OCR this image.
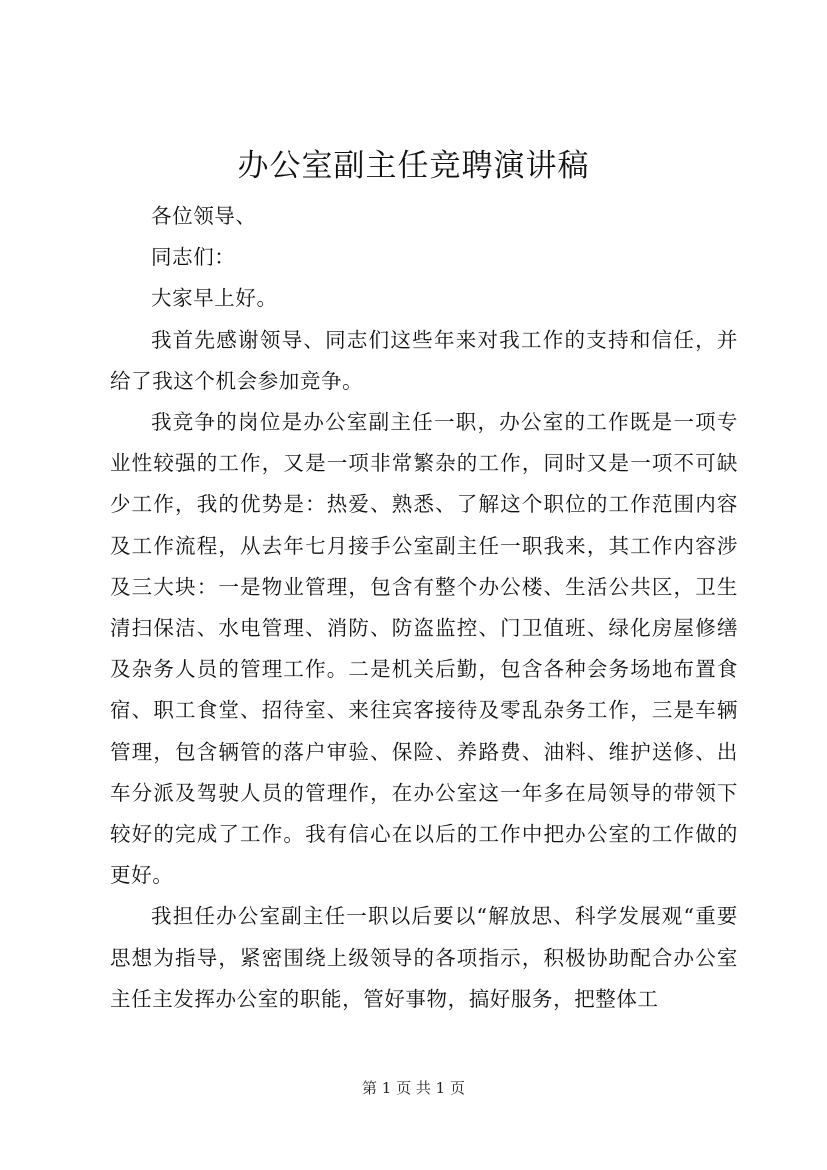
办公室副主任竞聘演讲稿

各位领导、

同志们：

大家早上好。

我首先感谢领导、同志们这些年来对我工作的支持和信任，并给了我这个机会参加竞争。

我竞争的岗位是办公室副主任一职，办公室的工作既是一项专业性较强的工作，又是一项非常繁杂的工作，同时又是一项不可缺少工作，我的优势是：热爱、熟悉、了解这个职位的工作范围内容及工作流程，从去年七月接手公室副主任一职我来，其工作内容涉及三大块：一是物业管理，包含有整个办公楼、生活公共区，卫生清扫保洁、水电管理、消防、防盗监控、门卫值班、绿化房屋修缮及杂务人员的管理工作。二是机关后勤，包含各种会务场地布置食宿、职工食堂、招待室、来往宾客接待及零乱杂务工作，三是车辆管理，包含辆管的落户审验、保险、养路费、油料、维护送修、出车分派及驾驶人员的管理作，在办公室这一年多在局领导的带领下较好的完成了工作。我有信心在以后的工作中把办公室的工作做的更好。

我担任办公室副主任一职以后要以“解放思、科学发展观“重要思想为指导，紧密围绕上级领导的各项指示，积极协助配合办公室主任主发挥办公室的职能，管好事物，搞好服务，把整体工

第 1 页 共 1 页
